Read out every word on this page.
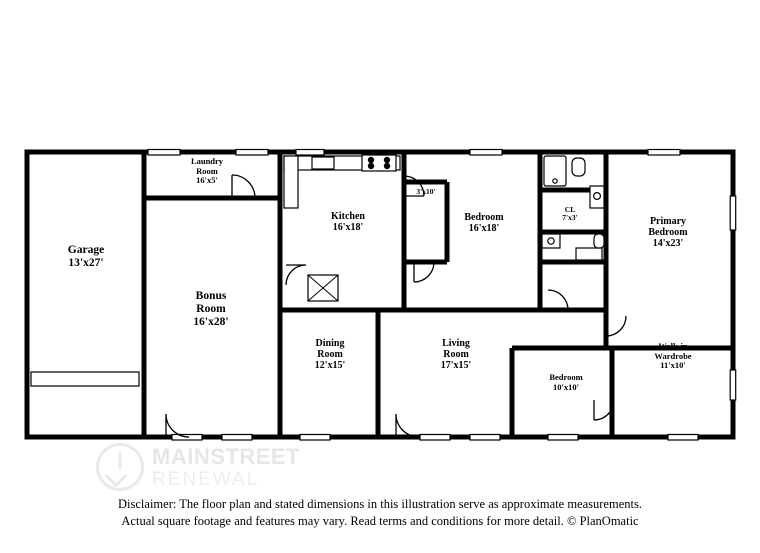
Garage
13'x27'
Laundry
Room
16'x5'
Kitchen
16'x18'
Bonus
Room
16'x28'
Dining
Room
12'x15'
Living
Room
17'x15'
3'x10'
Bedroom
16'x18'
CL
7'x3'	Primary
Bedroom
14'x23'
Bedroom
10'x10'
Walk-in
Wardrobe
11'x10'
MAINSTREET
RENEWAL
Disclaimer: The floor plan and stated dimensions in this illustration serve as approximate measurements.
Actual square footage and features may vary. Read terms and conditions for more detail. © PlanOmatic
